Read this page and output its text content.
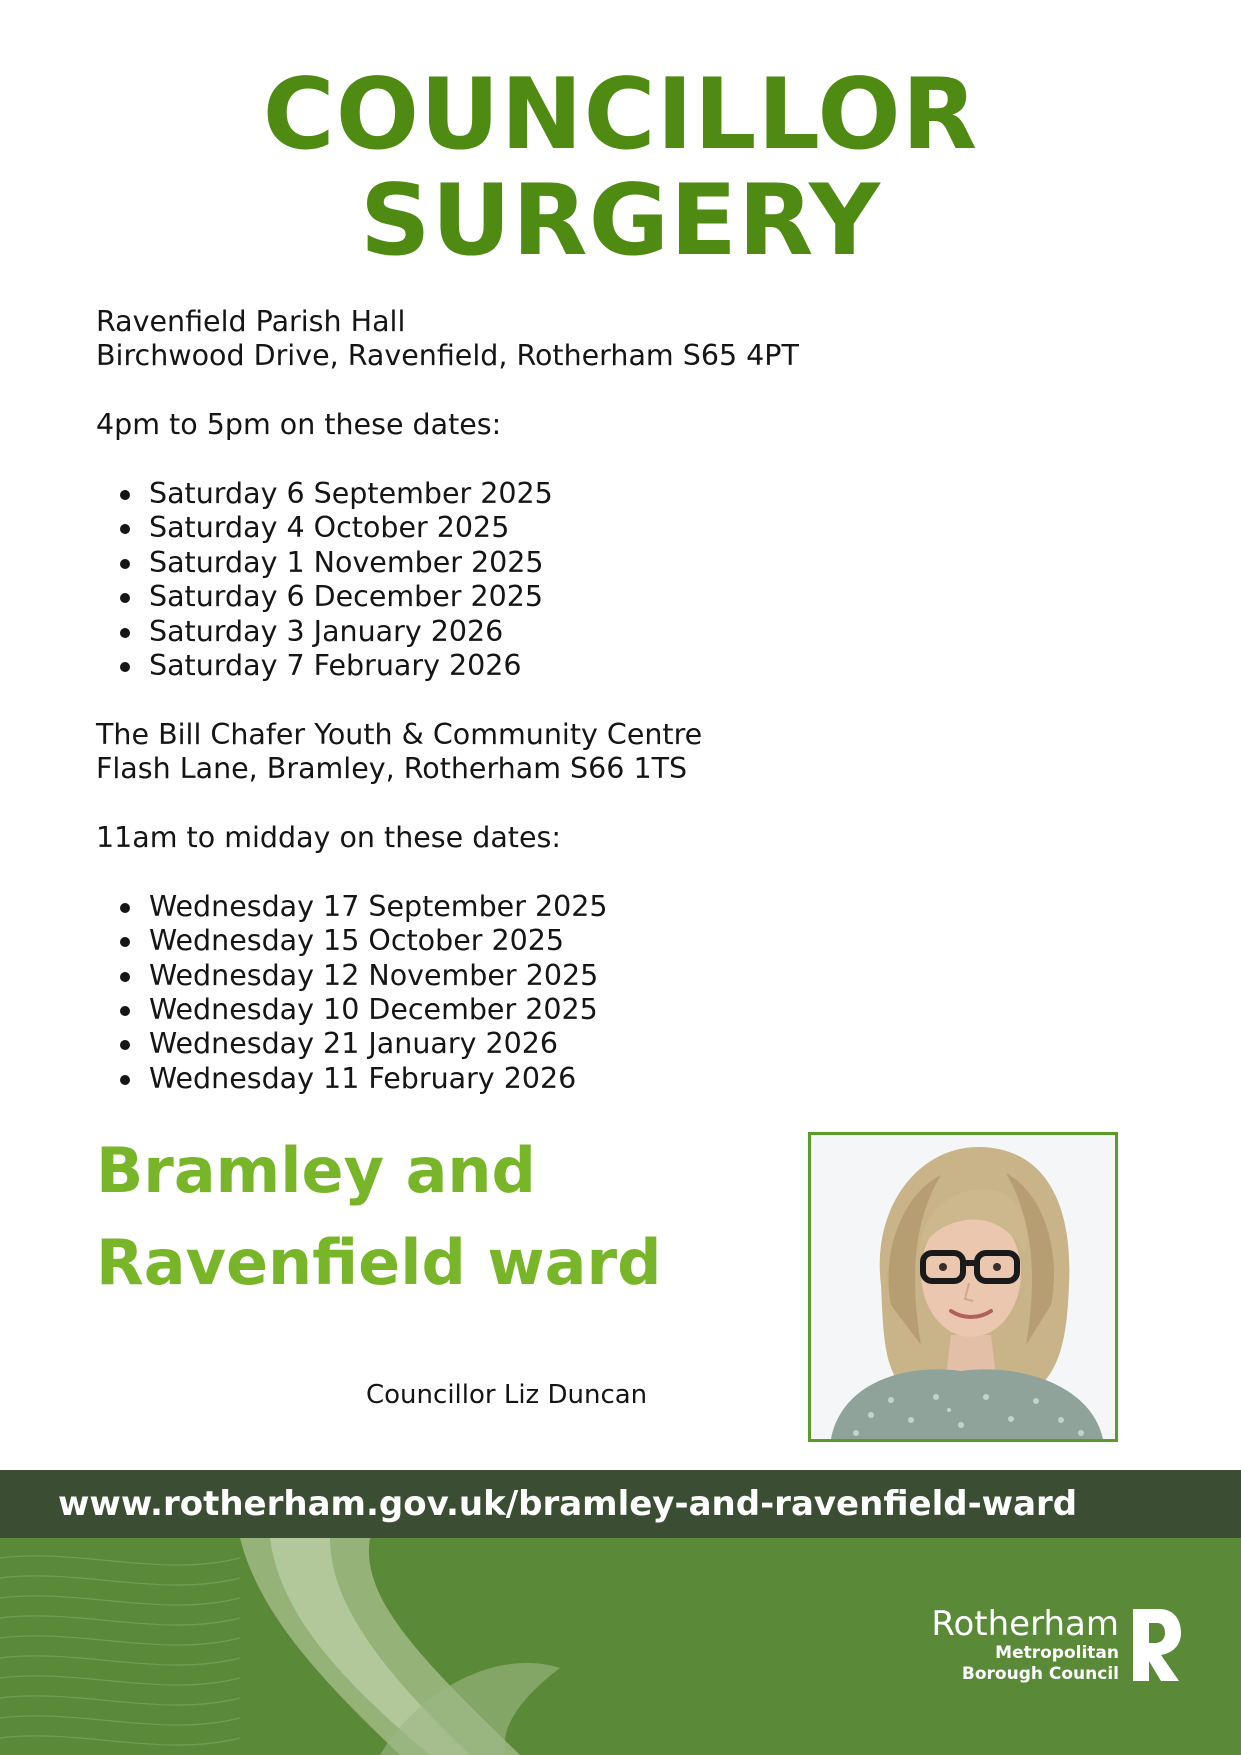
COUNCILLOR
SURGERY
Ravenfield Parish Hall
Birchwood Drive, Ravenfield, Rotherham S65 4PT
4pm to 5pm on these dates:
Saturday 6 September 2025
Saturday 4 October 2025
Saturday 1 November 2025
Saturday 6 December 2025
Saturday 3 January 2026
Saturday 7 February 2026
The Bill Chafer Youth & Community Centre
Flash Lane, Bramley, Rotherham S66 1TS
11am to midday on these dates:
Wednesday 17 September 2025
Wednesday 15 October 2025
Wednesday 12 November 2025
Wednesday 10 December 2025
Wednesday 21 January 2026
Wednesday 11 February 2026
Bramley and
Ravenfield ward
Councillor Liz Duncan
www.rotherham.gov.uk/bramley-and-ravenfield-ward
Rotherham
Metropolitan
Borough Council
